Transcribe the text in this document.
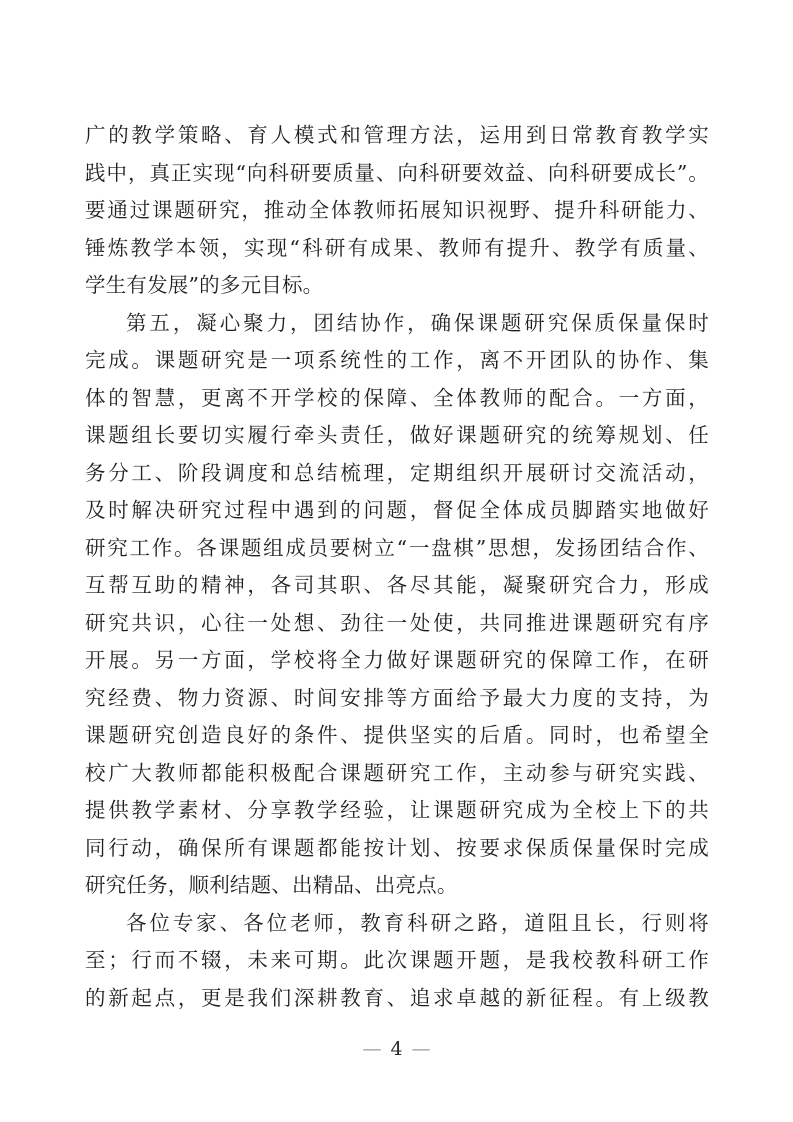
广的教学策略、育人模式和管理方法，运用到日常教育教学实
践中，真正实现“向科研要质量、向科研要效益、向科研要成长”。
要通过课题研究，推动全体教师拓展知识视野、提升科研能力、
锤炼教学本领，实现“科研有成果、教师有提升、教学有质量、
学生有发展”的多元目标。
第五，凝心聚力，团结协作，确保课题研究保质保量保时
完成。课题研究是一项系统性的工作，离不开团队的协作、集
体的智慧，更离不开学校的保障、全体教师的配合。一方面，
课题组长要切实履行牵头责任，做好课题研究的统筹规划、任
务分工、阶段调度和总结梳理，定期组织开展研讨交流活动，
及时解决研究过程中遇到的问题，督促全体成员脚踏实地做好
研究工作。各课题组成员要树立“一盘棋”思想，发扬团结合作、
互帮互助的精神，各司其职、各尽其能，凝聚研究合力，形成
研究共识，心往一处想、劲往一处使，共同推进课题研究有序
开展。另一方面，学校将全力做好课题研究的保障工作，在研
究经费、物力资源、时间安排等方面给予最大力度的支持，为
课题研究创造良好的条件、提供坚实的后盾。同时，也希望全
校广大教师都能积极配合课题研究工作，主动参与研究实践、
提供教学素材、分享教学经验，让课题研究成为全校上下的共
同行动，确保所有课题都能按计划、按要求保质保量保时完成
研究任务，顺利结题、出精品、出亮点。
各位专家、各位老师，教育科研之路，道阻且长，行则将
至；行而不辍，未来可期。此次课题开题，是我校教科研工作
的新起点，更是我们深耕教育、追求卓越的新征程。有上级教
— 4 —
